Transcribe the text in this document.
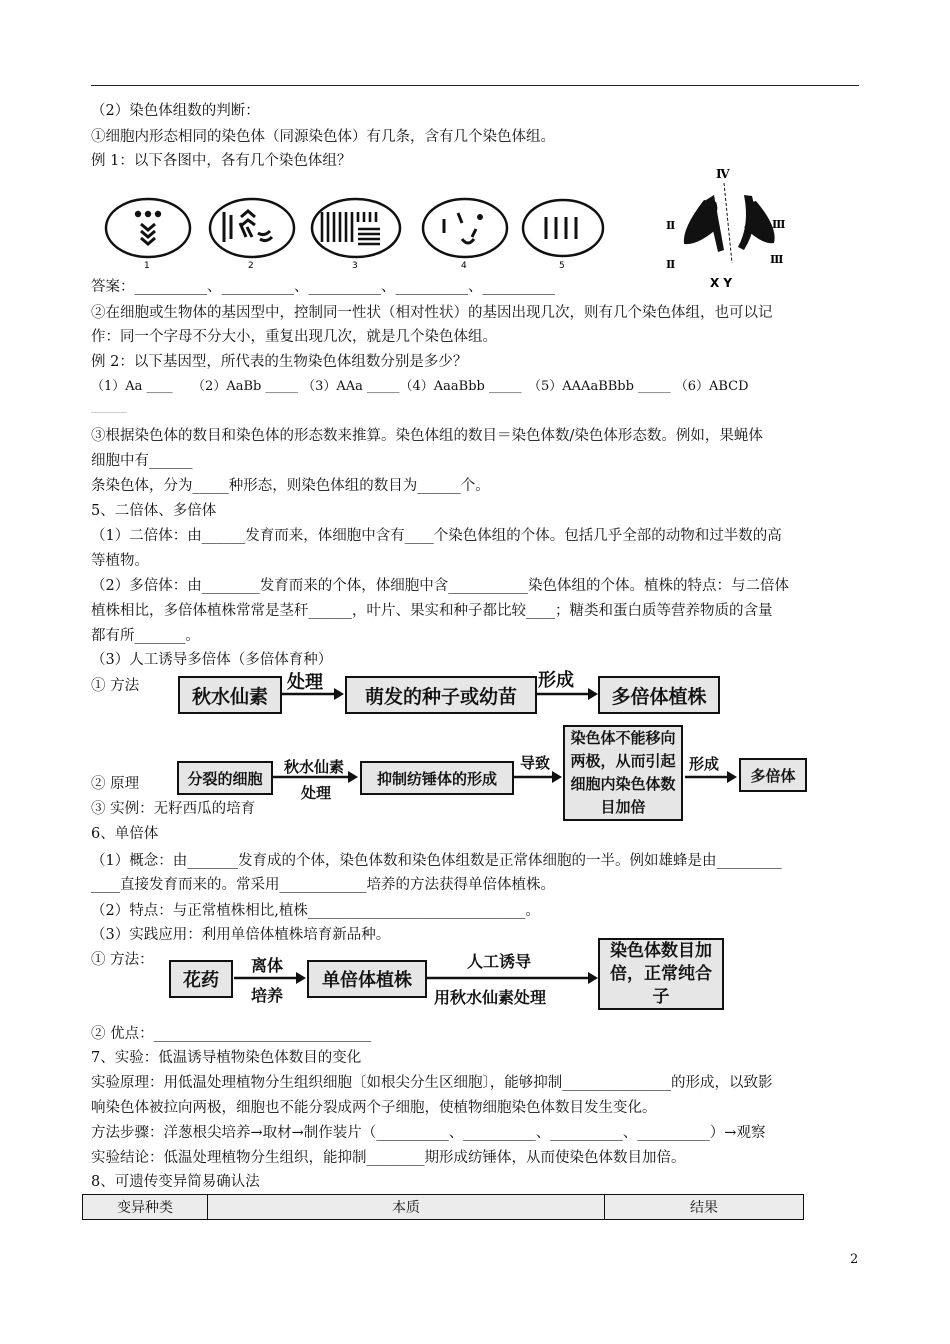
（2）染色体组数的判断：
①细胞内形态相同的染色体（同源染色体）有几条，含有几个染色体组。
例 1：以下各图中，各有几个染色体组？
1	2	3	4	5
Ⅳ
Ⅱ	Ⅲ
Ⅱ	Ⅲ
X Y
答案：__________、__________、__________、__________、__________
②在细胞或生物体的基因型中，控制同一性状（相对性状）的基因出现几次，则有几个染色体组，也可以记
作：同一个字母不分大小，重复出现几次，就是几个染色体组。
例 2：以下基因型，所代表的生物染色体组数分别是多少？
（1）Aa ____　　（2）AaBb _____ （3）AAa _____（4）AaaBbb _____　（5）AAAaBBbb _____ （6）ABCD
______
③根据染色体的数目和染色体的形态数来推算。染色体组的数目＝染色体数/染色体形态数。例如，果蝇体
细胞中有______
条染色体，分为_____种形态，则染色体组的数目为______个。
5、二倍体、多倍体
（1）二倍体：由______发育而来，体细胞中含有____个染色体组的个体。包括几乎全部的动物和过半数的高
等植物。
（2）多倍体：由________发育而来的个体，体细胞中含___________染色体组的个体。植株的特点：与二倍体
植株相比，多倍体植株常常是茎秆______，叶片、果实和种子都比较____；糖类和蛋白质等营养物质的含量
都有所_______。
（3）人工诱导多倍体（多倍体育种）
① 方法	秋水仙素
处理
萌发的种子或幼苗
形成
多倍体植株
② 原理
③ 实例：无籽西瓜的培育
分裂的细胞
秋水仙素
处理
抑制纺锤体的形成
导致
染色体不能移向两极，从而引起细胞内染色体数目加倍
形成
多倍体
6、单倍体
（1）概念：由_______发育成的个体，染色体数和染色体组数是正常体细胞的一半。例如雄蜂是由_________
____直接发育而来的。常采用____________培养的方法获得单倍体植株。
（2）特点：与正常植株相比,植株______________________________。
（3）实践应用：利用单倍体植株培育新品种。
① 方法：
花药
离体
培养
单倍体植株
人工诱导
用秋水仙素处理
染色体数目加倍，正常纯合子
② 优点：______________________________
7、实验：低温诱导植物染色体数目的变化
实验原理：用低温处理植物分生组织细胞〔如根尖分生区细胞〕，能够抑制_______________的形成，以致影
响染色体被拉向两极，细胞也不能分裂成两个子细胞，使植物细胞染色体数目发生变化。
方法步骤：洋葱根尖培养→取材→制作装片（__________、__________、__________、__________）→观察
实验结论：低温处理植物分生组织，能抑制________期形成纺锤体，从而使染色体数目加倍。
8、可遗传变异简易确认法
变异种类	本质	结果
2
